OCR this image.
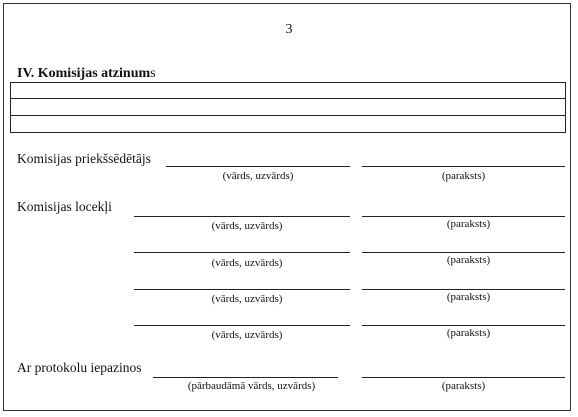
3
IV. Komisijas atzinums
Komisijas priekšsēdētājs
(vārds, uzvārds)	(paraksts)
Komisijas locekļi
(vārds, uzvārds)	(paraksts)
(vārds, uzvārds)	(paraksts)
(vārds, uzvārds)	(paraksts)
(vārds, uzvārds)	(paraksts)
Ar protokolu iepazinos
(pārbaudāmā vārds, uzvārds)	(paraksts)
